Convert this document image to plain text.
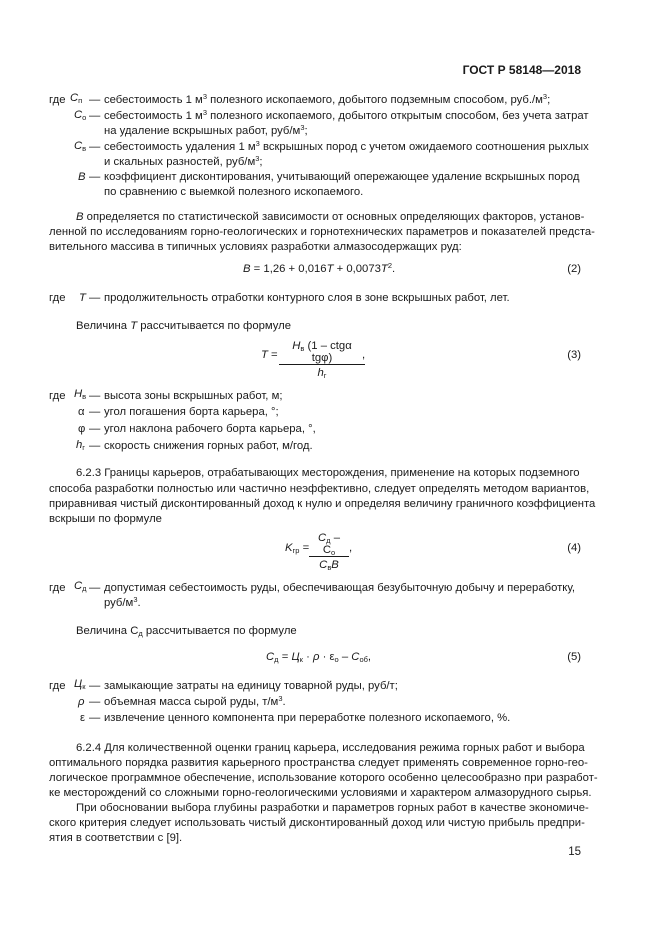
ГОСТ Р 58148—2018
где $С_п$ — себестоимость 1 $м^3$ полезного ископаемого, добытого подземным способом, $руб./м^3$;
$С_о$ — себестоимость 1 $м^3$ полезного ископаемого, добытого открытым способом, без учета затрат
на удаление вскрышных работ, руб/$м^3$;
$С_в$ — себестоимость удаления 1 $м^3$ вскрышных пород с учетом ожидаемого соотношения рыхлых
и скальных разностей, руб/$м^3$;
В — коэффициент дисконтирования, учитывающий опережающее удаление вскрышных пород
по сравнению с выемкой полезного ископаемого.
В определяется по статистической зависимости от основных определяющих факторов, установ-
ленной по исследованиям горно-геологических и горнотехнических параметров и показателей предста-
вительного массива в типичных условиях разработки алмазосодержащих руд:
$B = 1,26 + 0,016T + 0,0073T^2$.	(2)
где Т — продолжительность отработки контурного слоя в зоне вскрышных работ, лет.
Величина Т рассчитывается по формуле
T =
$H_в$ (1 – ctgα tgφ)
$h_г$
,	(3)
где $H_в$ — высота зоны вскрышных работ, м;
α — угол погашения борта карьера, °;
φ — угол наклона рабочего борта карьера, °,
$h_г$ — скорость снижения горных работ, м/год.
6.2.3 Границы карьеров, отрабатывающих месторождения, применение на которых подземного
способа разработки полностью или частично неэффективно, следует определять методом вариантов,
приравнивая чистый дисконтированный доход к нулю и определяя величину граничного коэффициента
вскрыши по формуле
$K_{гр}$ =
$С_д - С_о$
$С_вВ$
,	(4)
где $С_д$ — допустимая себестоимость руды, обеспечивающая безубыточную добычу и переработку,
руб/$м^3$.
Величина $С_д$ рассчитывается по формуле
$С_д = Ц_к \cdot \rho \cdot \varepsilon_о - С_{об}$,	(5)
где $Ц_к$ — замыкающие затраты на единицу товарной руды, руб/т;
ρ — объемная масса сырой руды, $т/м^3$.
ε — извлечение ценного компонента при переработке полезного ископаемого, %.
6.2.4 Для количественной оценки границ карьера, исследования режима горных работ и выбора
оптимального порядка развития карьерного пространства следует применять современное горно-гео-
логическое программное обеспечение, использование которого особенно целесообразно при разработ-
ке месторождений со сложными горно-геологическими условиями и характером алмазорудного сырья.
При обосновании выбора глубины разработки и параметров горных работ в качестве экономиче-
ского критерия следует использовать чистый дисконтированный доход или чистую прибыль предпри-
ятия в соответствии с [9].
15
